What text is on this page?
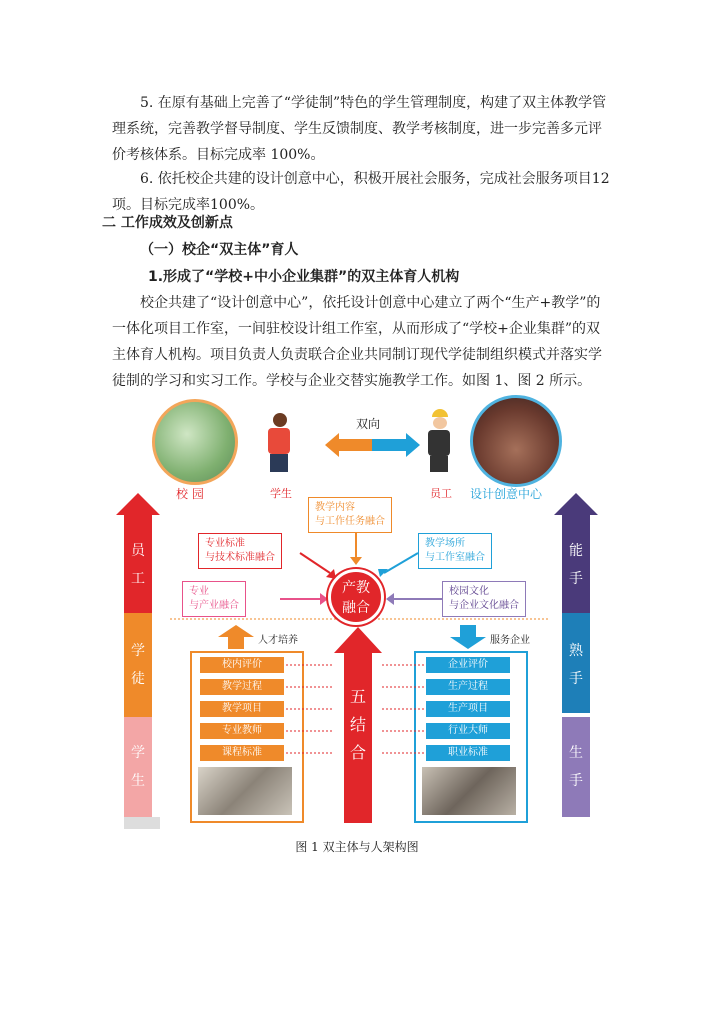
5. 在原有基础上完善了“学徒制”特色的学生管理制度，构建了双主体教学管理系统，完善教学督导制度、学生反馈制度、教学考核制度，进一步完善多元评价考核体系。目标完成率 100%。
6. 依托校企共建的设计创意中心，积极开展社会服务，完成社会服务项目12项。目标完成率100%。
二 工作成效及创新点
（一）校企“双主体”育人
1.形成了“学校+中小企业集群”的双主体育人机构
校企共建了“设计创意中心”，依托设计创意中心建立了两个“生产+教学”的一体化项目工作室，一间驻校设计组工作室，从而形成了“学校+企业集群”的双主体育人机构。项目负责人负责联合企业共同制订现代学徒制组织模式并落实学徒制的学习和实习工作。学校与企业交替实施教学工作。如图 1、图 2 所示。
校 园	学生
双向
员工 设计创意中心
员
工
学
徒
学
生
能
手
熟
手
生
手
教学内容
与工作任务融合
专业标准
与技术标准融合
教学场所
与工作室融合
专业
与产业融合
校园文化
与企业文化融合
产教
融合
人才培养	服务企业
校内评价
教学过程
教学项目
专业教师
课程标准
企业评价
生产过程
生产项目
行业大师
职业标准
五
结
合
图 1 双主体与人架构图
